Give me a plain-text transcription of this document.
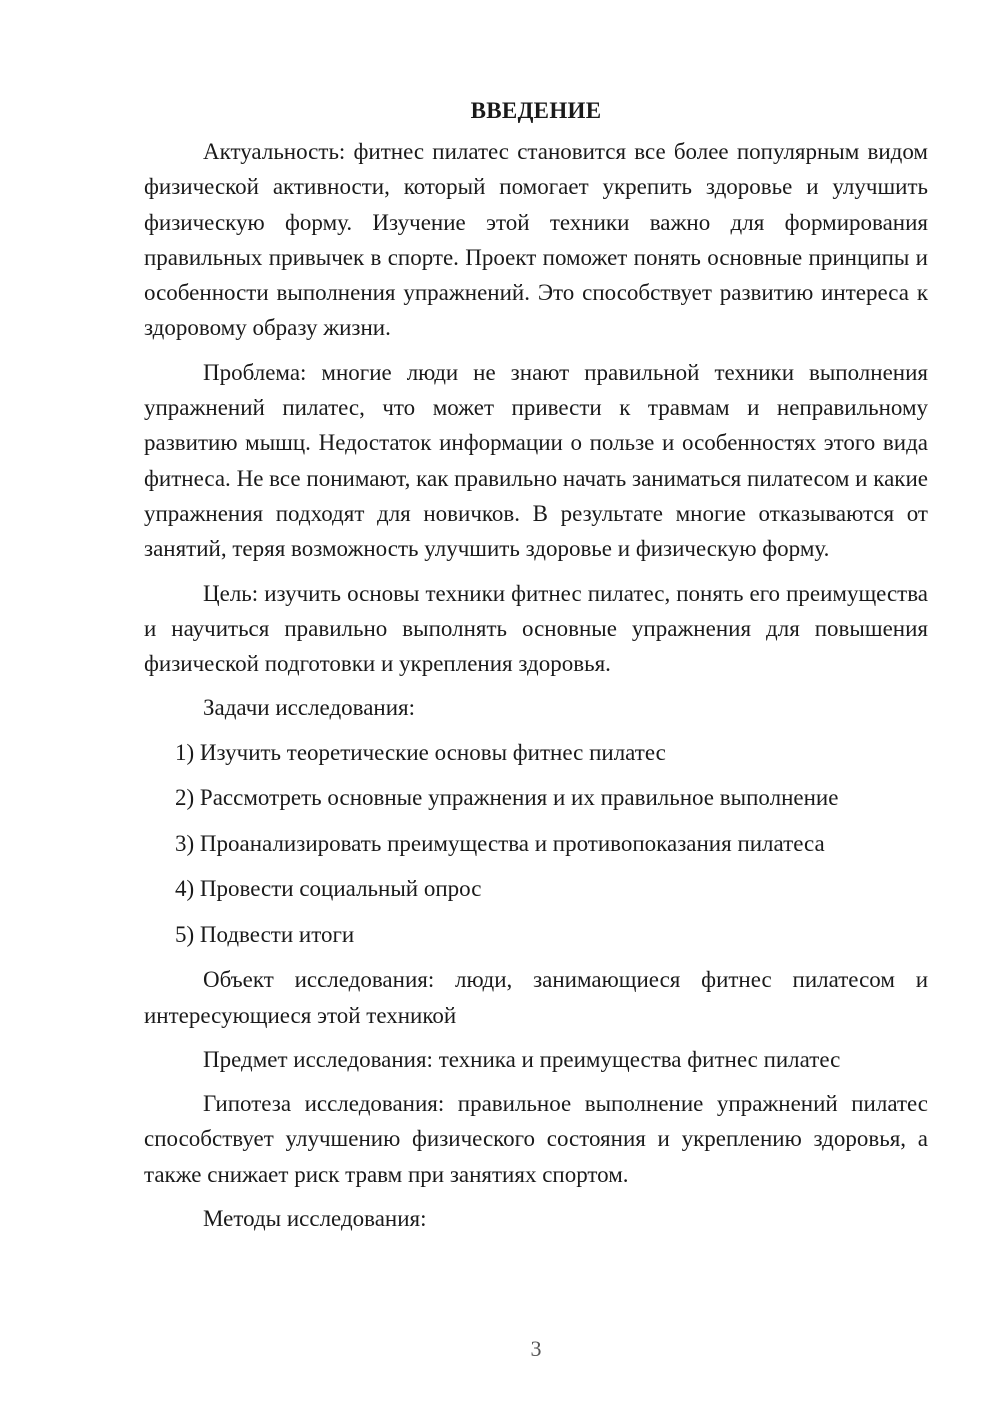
ВВЕДЕНИЕ

Актуальность: фитнес пилатес становится все более популярным видом физической активности, который помогает укрепить здоровье и улучшить физическую форму. Изучение этой техники важно для формирования правильных привычек в спорте. Проект поможет понять основные принципы и особенности выполнения упражнений. Это способствует развитию интереса к здоровому образу жизни.

Проблема: многие люди не знают правильной техники выполнения упражнений пилатес, что может привести к травмам и неправильному развитию мышц. Недостаток информации о пользе и особенностях этого вида фитнеса. Не все понимают, как правильно начать заниматься пилатесом и какие упражнения подходят для новичков. В результате многие отказываются от занятий, теряя возможность улучшить здоровье и физическую форму.

Цель: изучить основы техники фитнес пилатес, понять его преимущества и научиться правильно выполнять основные упражнения для повышения физической подготовки и укрепления здоровья.

Задачи исследования:

1) Изучить теоретические основы фитнес пилатес
2) Рассмотреть основные упражнения и их правильное выполнение
3) Проанализировать преимущества и противопоказания пилатеса
4) Провести социальный опрос
5) Подвести итоги

Объект исследования: люди, занимающиеся фитнес пилатесом и интересующиеся этой техникой

Предмет исследования: техника и преимущества фитнес пилатес

Гипотеза исследования: правильное выполнение упражнений пилатес способствует улучшению физического состояния и укреплению здоровья, а также снижает риск травм при занятиях спортом.

Методы исследования:

3
